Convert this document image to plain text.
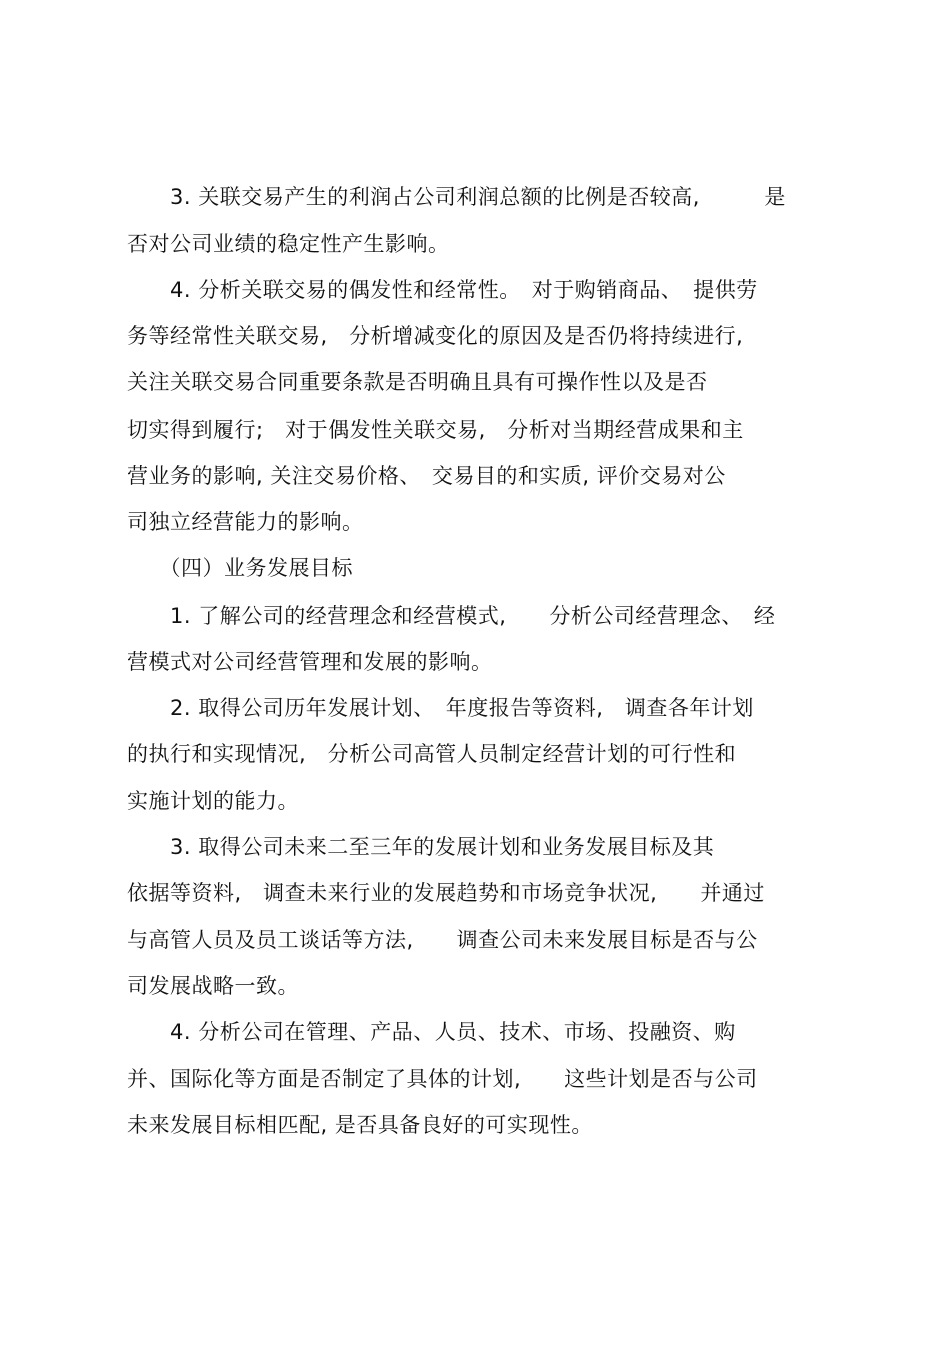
　　3. 关联交易产生的利润占公司利润总额的比例是否较高,　　　是

否对公司业绩的稳定性产生影响。

　　4. 分析关联交易的偶发性和经常性。　对于购销商品、　提供劳

务等经常性关联交易,　分析增减变化的原因及是否仍将持续进行,

关注关联交易合同重要条款是否明确且具有可操作性以及是否

切实得到履行;　对于偶发性关联交易,　分析对当期经营成果和主

营业务的影响, 关注交易价格、　交易目的和实质, 评价交易对公

司独立经营能力的影响。

　　（四）业务发展目标

　　1. 了解公司的经营理念和经营模式,　　分析公司经营理念、　经

营模式对公司经营管理和发展的影响。

　　2. 取得公司历年发展计划、　年度报告等资料,　调查各年计划

的执行和实现情况,　分析公司高管人员制定经营计划的可行性和

实施计划的能力。

　　3. 取得公司未来二至三年的发展计划和业务发展目标及其

依据等资料,　调查未来行业的发展趋势和市场竞争状况,　　并通过

与高管人员及员工谈话等方法,　　调查公司未来发展目标是否与公

司发展战略一致。

　　4. 分析公司在管理、产品、人员、技术、市场、投融资、购

并、国际化等方面是否制定了具体的计划,　　这些计划是否与公司

未来发展目标相匹配, 是否具备良好的可实现性。
